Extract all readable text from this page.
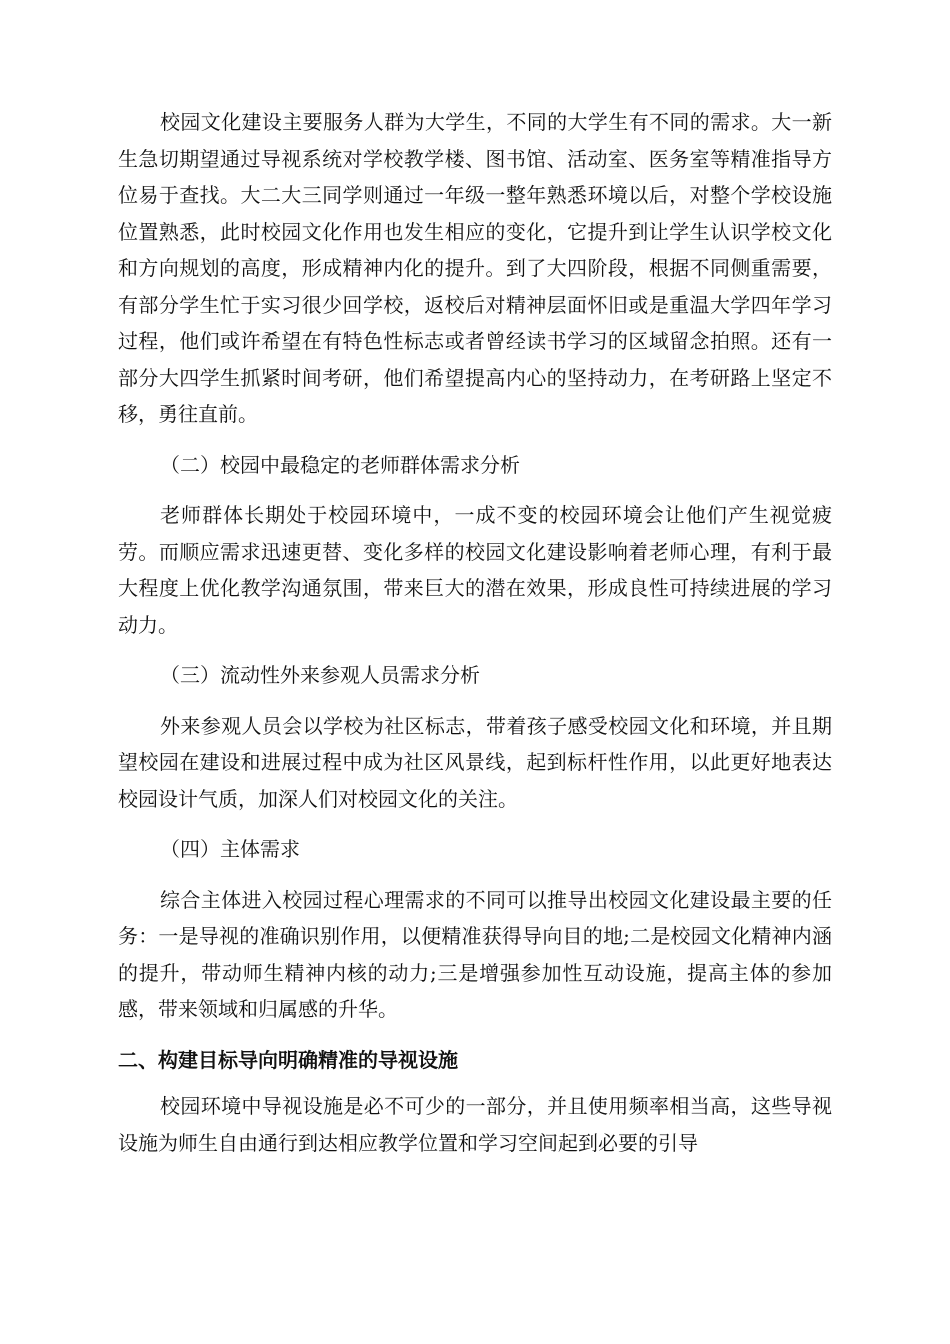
校园文化建设主要服务人群为大学生，不同的大学生有不同的需求。大一新生急切期望通过导视系统对学校教学楼、图书馆、活动室、医务室等精准指导方位易于查找。大二大三同学则通过一年级一整年熟悉环境以后，对整个学校设施位置熟悉，此时校园文化作用也发生相应的变化，它提升到让学生认识学校文化和方向规划的高度，形成精神内化的提升。到了大四阶段，根据不同侧重需要，有部分学生忙于实习很少回学校，返校后对精神层面怀旧或是重温大学四年学习过程，他们或许希望在有特色性标志或者曾经读书学习的区域留念拍照。还有一部分大四学生抓紧时间考研，他们希望提高内心的坚持动力，在考研路上坚定不移，勇往直前。

（二）校园中最稳定的老师群体需求分析

老师群体长期处于校园环境中，一成不变的校园环境会让他们产生视觉疲劳。而顺应需求迅速更替、变化多样的校园文化建设影响着老师心理，有利于最大程度上优化教学沟通氛围，带来巨大的潜在效果，形成良性可持续进展的学习动力。

（三）流动性外来参观人员需求分析

外来参观人员会以学校为社区标志，带着孩子感受校园文化和环境，并且期望校园在建设和进展过程中成为社区风景线，起到标杆性作用，以此更好地表达校园设计气质，加深人们对校园文化的关注。

（四）主体需求

综合主体进入校园过程心理需求的不同可以推导出校园文化建设最主要的任务：一是导视的准确识别作用，以便精准获得导向目的地;二是校园文化精神内涵的提升，带动师生精神内核的动力;三是增强参加性互动设施，提高主体的参加感，带来领域和归属感的升华。

二、构建目标导向明确精准的导视设施

校园环境中导视设施是必不可少的一部分，并且使用频率相当高，这些导视设施为师生自由通行到达相应教学位置和学习空间起到必要的引导
